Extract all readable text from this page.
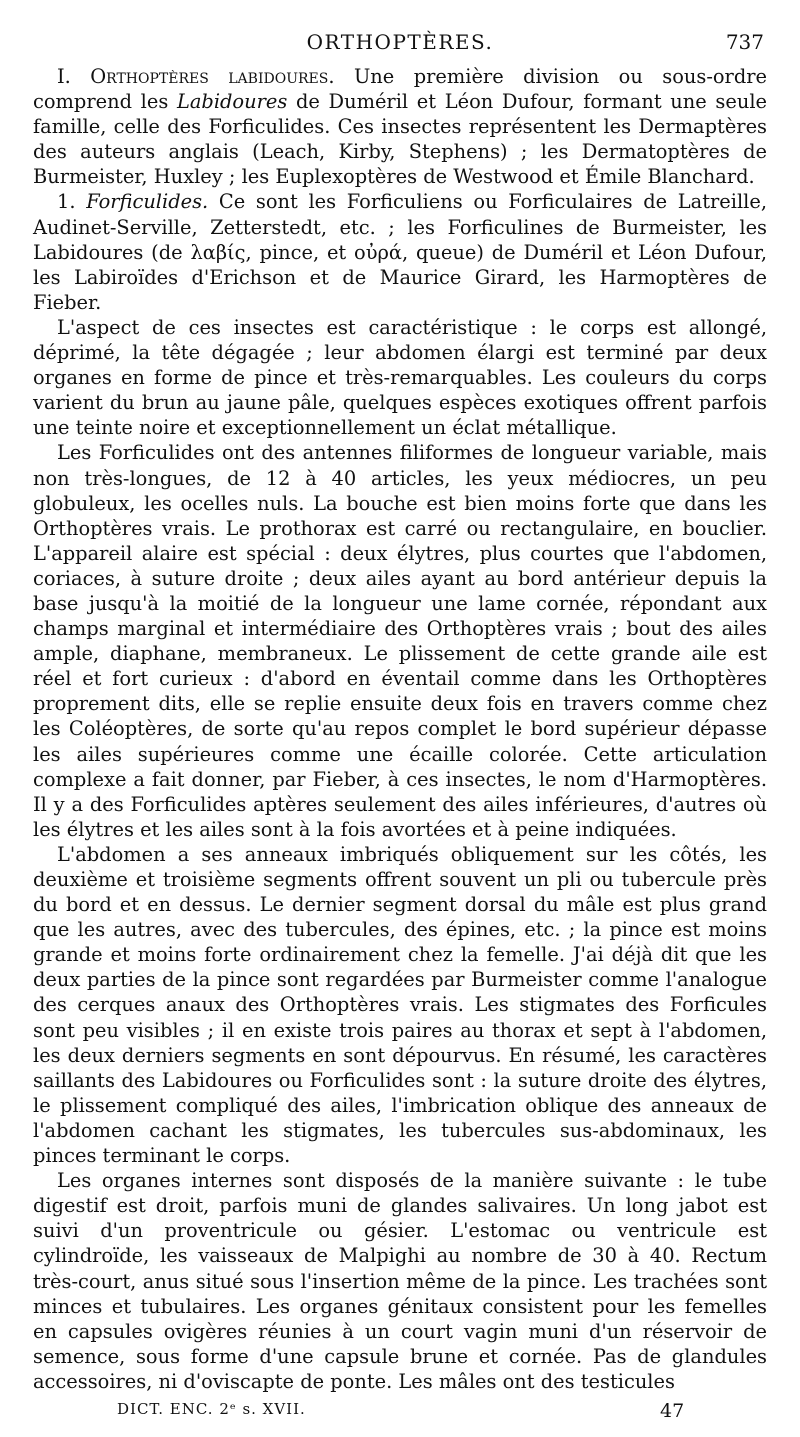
ORTHOPTÈRES.	737

I. Orthoptères labidoures. Une première division ou sous-ordre comprend les Labidoures de Duméril et Léon Dufour, formant une seule famille, celle des Forficulides. Ces insectes représentent les Dermaptères des auteurs anglais (Leach, Kirby, Stephens) ; les Dermatoptères de Burmeister, Huxley ; les Euplexoptères de Westwood et Émile Blanchard.

1. Forficulides. Ce sont les Forficuliens ou Forficulaires de Latreille, Audinet-Serville, Zetterstedt, etc. ; les Forficulines de Burmeister, les Labidoures (de λαβίς, pince, et οὐρά, queue) de Duméril et Léon Dufour, les Labiroïdes d'Erichson et de Maurice Girard, les Harmoptères de Fieber.

L'aspect de ces insectes est caractéristique : le corps est allongé, déprimé, la tête dégagée ; leur abdomen élargi est terminé par deux organes en forme de pince et très-remarquables. Les couleurs du corps varient du brun au jaune pâle, quelques espèces exotiques offrent parfois une teinte noire et exceptionnellement un éclat métallique.

Les Forficulides ont des antennes filiformes de longueur variable, mais non très-longues, de 12 à 40 articles, les yeux médiocres, un peu globuleux, les ocelles nuls. La bouche est bien moins forte que dans les Orthoptères vrais. Le prothorax est carré ou rectangulaire, en bouclier. L'appareil alaire est spécial : deux élytres, plus courtes que l'abdomen, coriaces, à suture droite ; deux ailes ayant au bord antérieur depuis la base jusqu'à la moitié de la longueur une lame cornée, répondant aux champs marginal et intermédiaire des Orthoptères vrais ; bout des ailes ample, diaphane, membraneux. Le plissement de cette grande aile est réel et fort curieux : d'abord en éventail comme dans les Orthoptères proprement dits, elle se replie ensuite deux fois en travers comme chez les Coléoptères, de sorte qu'au repos complet le bord supérieur dépasse les ailes supérieures comme une écaille colorée. Cette articulation complexe a fait donner, par Fieber, à ces insectes, le nom d'Harmoptères. Il y a des Forficulides aptères seulement des ailes inférieures, d'autres où les élytres et les ailes sont à la fois avortées et à peine indiquées.

L'abdomen a ses anneaux imbriqués obliquement sur les côtés, les deuxième et troisième segments offrent souvent un pli ou tubercule près du bord et en dessus. Le dernier segment dorsal du mâle est plus grand que les autres, avec des tubercules, des épines, etc. ; la pince est moins grande et moins forte ordinairement chez la femelle. J'ai déjà dit que les deux parties de la pince sont regardées par Burmeister comme l'analogue des cerques anaux des Orthoptères vrais. Les stigmates des Forficules sont peu visibles ; il en existe trois paires au thorax et sept à l'abdomen, les deux derniers segments en sont dépourvus. En résumé, les caractères saillants des Labidoures ou Forficulides sont : la suture droite des élytres, le plissement compliqué des ailes, l'imbrication oblique des anneaux de l'abdomen cachant les stigmates, les tubercules sus-abdominaux, les pinces terminant le corps.

Les organes internes sont disposés de la manière suivante : le tube digestif est droit, parfois muni de glandes salivaires. Un long jabot est suivi d'un proventricule ou gésier. L'estomac ou ventricule est cylindroïde, les vaisseaux de Malpighi au nombre de 30 à 40. Rectum très-court, anus situé sous l'insertion même de la pince. Les trachées sont minces et tubulaires. Les organes génitaux consistent pour les femelles en capsules ovigères réunies à un court vagin muni d'un réservoir de semence, sous forme d'une capsule brune et cornée. Pas de glandules accessoires, ni d'oviscapte de ponte. Les mâles ont des testicules

DICT. ENC. 2ᵉ s. XVII.	47
